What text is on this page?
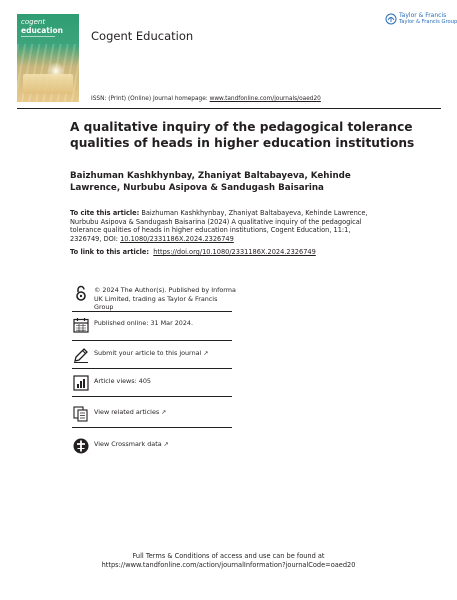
cogent
education Cogent Education
Taylor & Francis
Taylor & Francis Group
ISSN: (Print) (Online) Journal homepage: www.tandfonline.com/journals/oaed20
A qualitative inquiry of the pedagogical tolerance qualities of heads in higher education institutions
Baizhuman Kashkhynbay, Zhaniyat Baltabayeva, Kehinde Lawrence, Nurbubu Asipova & Sandugash Baisarina
To cite this article: Baizhuman Kashkhynbay, Zhaniyat Baltabayeva, Kehinde Lawrence, Nurbubu Asipova & Sandugash Baisarina (2024) A qualitative inquiry of the pedagogical tolerance qualities of heads in higher education institutions, Cogent Education, 11:1, 2326749, DOI: 10.1080/2331186X.2024.2326749
To link to this article: https://doi.org/10.1080/2331186X.2024.2326749
© 2024 The Author(s). Published by Informa
UK Limited, trading as Taylor & Francis
Group
Published online: 31 Mar 2024.
Submit your article to this journal ↗
Article views: 405
View related articles ↗
View Crossmark data ↗
Full Terms & Conditions of access and use can be found at
https://www.tandfonline.com/action/journalInformation?journalCode=oaed20
